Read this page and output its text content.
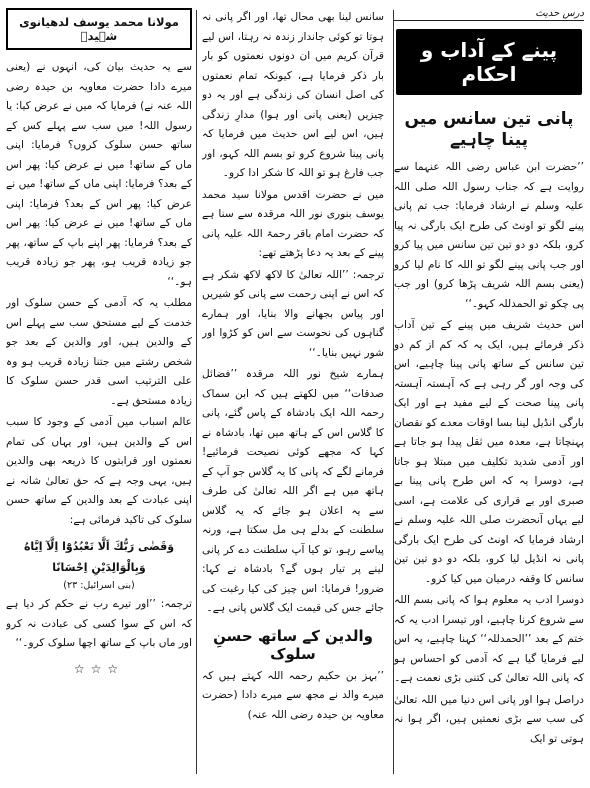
درس حدیث
پینے کے آداب و احکام
پانی تین سانس میں پینا چاہیے

’’حضرت ابن عباس رضی اللہ عنہما سے روایت ہے کہ جناب رسول اللہ صلی اللہ علیہ وسلم نے ارشاد فرمایا: جب تم پانی پینے لگو تو اونٹ کی طرح ایک بارگی نہ پیا کرو، بلکہ دو دو تین تین سانس میں پیا کرو اور جب پانی پینے لگو تو اللہ کا نام لیا کرو (یعنی بسم اللہ شریف پڑھا کرو) اور جب پی چکو تو الحمدللہ کہو۔‘‘

اس حدیث شریف میں پینے کے تین آداب ذکر فرمائے ہیں، ایک یہ کہ کم از کم دو تین سانس کے ساتھ پانی پینا چاہیے، اس کی وجہ اور گر رہی ہے کہ آہستہ آہستہ پانی پینا صحت کے لیے مفید ہے اور ایک بارگی انڈیل لینا بسا اوقات معدے کو نقصان پہنچاتا ہے، معدہ میں ثقل پیدا ہو جاتا ہے اور آدمی شدید تکلیف میں مبتلا ہو جاتا ہے، دوسرا یہ کہ اس طرح پانی پینا بے صبری اور بے قراری کی علامت ہے، اسی لیے یہاں آنحضرت صلی اللہ علیہ وسلم نے ارشاد فرمایا کہ اونٹ کی طرح ایک بارگی پانی نہ انڈیل لیا کرو، بلکہ دو دو تین تین سانس کا وقفہ درمیان میں کیا کرو۔

دوسرا ادب یہ معلوم ہوا کہ پانی بسم اللہ سے شروع کرنا چاہیے، اور تیسرا ادب یہ کہ ختم کے بعد ’’الحمدللہ‘‘ کہنا چاہیے، یہ اس لیے فرمایا گیا ہے کہ آدمی کو احساس ہو کہ پانی اللہ تعالیٰ کی کتنی بڑی نعمت ہے۔

دراصل ہوا اور پانی اس دنیا میں اللہ تعالیٰ کی سب سے بڑی نعمتیں ہیں، اگر ہوا نہ ہوتی تو ایک

سانس لینا بھی محال تھا، اور اگر پانی نہ ہوتا تو کوئی جاندار زندہ نہ رہتا، اس لیے قرآن کریم میں ان دونوں نعمتوں کو بار بار ذکر فرمایا ہے، کیونکہ تمام نعمتوں کی اصل انسان کی زندگی ہے اور یہ دو چیزیں (یعنی پانی اور ہوا) مدارِ زندگی ہیں، اس لیے اس حدیث میں فرمایا کہ پانی پینا شروع کرو تو بسم اللہ کہو، اور جب فارغ ہو تو اللہ کا شکر ادا کرو۔

میں نے حضرت اقدس مولانا سید محمد یوسف بنوری نور اللہ مرقدہ سے سنا ہے کہ حضرت امام باقر رحمۃ اللہ علیہ پانی پینے کے بعد یہ دعا پڑھتے تھے:

ترجمہ: ’’اللہ تعالیٰ کا لاکھ لاکھ شکر ہے کہ اس نے اپنی رحمت سے پانی کو شیریں اور پیاس بجھانے والا بنایا، اور ہمارے گناہوں کی نحوست سے اس کو کڑوا اور شور نہیں بنایا۔‘‘

ہمارے شیخ نور اللہ مرقدہ ’’فضائل صدقات‘‘ میں لکھتے ہیں کہ ابن سماک رحمہ اللہ ایک بادشاہ کے پاس گئے، پانی کا گلاس اس کے ہاتھ میں تھا، بادشاہ نے کہا کہ مجھے کوئی نصیحت فرمائیے! فرمانے لگے کہ پانی کا یہ گلاس جو آپ کے ہاتھ میں ہے اگر اللہ تعالیٰ کی طرف سے یہ اعلان ہو جائے کہ یہ گلاس سلطنت کے بدلے ہی مل سکتا ہے، ورنہ پیاسے رہو، تو کیا آپ سلطنت دے کر پانی لینے پر تیار ہوں گے؟ بادشاہ نے کہا: ضرور! فرمایا: اس چیز کی کیا رغبت کی جائے جس کی قیمت ایک گلاس پانی ہے۔

والدین کے ساتھ حسنِ سلوک

’’بہز بن حکیم رحمہ اللہ کہتے ہیں کہ میرے والد نے مجھ سے میرے دادا (حضرت معاویہ بن حیدہ رضی اللہ عنہ)

مولانا محمد یوسف لدھیانوی شہیدؒ

سے یہ حدیث بیان کی، انہوں نے (یعنی میرے دادا حضرت معاویہ بن حیدہ رضی اللہ عنہ نے) فرمایا کہ میں نے عرض کیا: یا رسول اللہ! میں سب سے پہلے کس کے ساتھ حسن سلوک کروں؟ فرمایا: اپنی ماں کے ساتھ! میں نے عرض کیا: پھر اس کے بعد؟ فرمایا: اپنی ماں کے ساتھ! میں نے عرض کیا: پھر اس کے بعد؟ فرمایا: اپنی ماں کے ساتھ! میں نے عرض کیا: پھر اس کے بعد؟ فرمایا: پھر اپنے باپ کے ساتھ، پھر جو زیادہ قریب ہو، پھر جو زیادہ قریب ہو۔‘‘

مطلب یہ کہ آدمی کے حسن سلوک اور خدمت کے لیے مستحق سب سے پہلے اس کے والدین ہیں، اور والدین کے بعد جو شخص رشتے میں جتنا زیادہ قریب ہو وہ علی الترتیب اسی قدر حسن سلوک کا زیادہ مستحق ہے۔

عالم اسباب میں آدمی کے وجود کا سبب اس کے والدین ہیں، اور یہاں کی تمام نعمتوں اور قرابتوں کا ذریعہ بھی والدین ہیں، یہی وجہ ہے کہ حق تعالیٰ شانہ نے اپنی عبادت کے بعد والدین کے ساتھ حسن سلوک کی تاکید فرمائی ہے:

وَقَضٰى رَبُّكَ اَلَّا تَعْبُدُوْٓا اِلَّآ اِيَّاهُ وَبِالْوَالِدَيْنِ اِحْسَانًا
(بنی اسرائیل: ۲۳)

ترجمہ: ’’اور تیرے رب نے حکم کر دیا ہے کہ اس کے سوا کسی کی عبادت نہ کرو اور ماں باپ کے ساتھ اچھا سلوک کرو۔‘‘

☆☆☆
